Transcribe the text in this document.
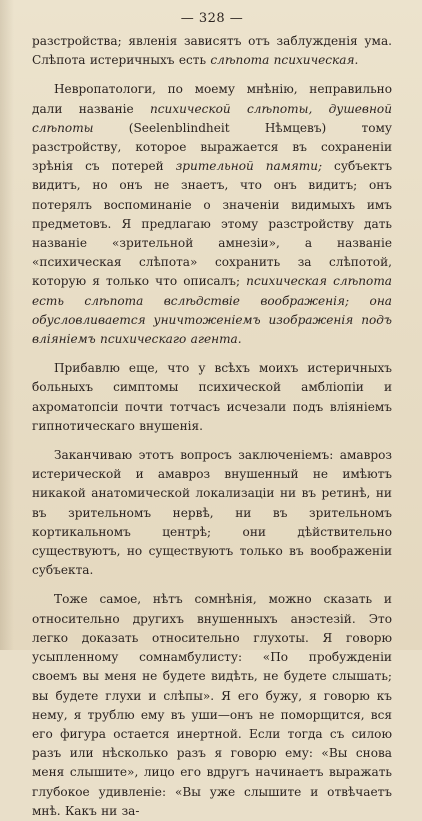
— 328 —

разстройства; явленія зависятъ отъ заблужденія ума. Слѣпота истеричныхъ есть слѣпота психическая.

Невропатологи, по моему мнѣнію, неправильно дали названіе психической слѣпоты, душевной слѣпоты (Seelenblindheit Нѣмцевъ) тому разстройству, которое выражается въ сохраненіи зрѣнія съ потерей зрительной памяти; субъектъ видитъ, но онъ не знаетъ, что онъ видитъ; онъ потерялъ воспоминаніе о значеніи видимыхъ имъ предметовъ. Я предлагаю этому разстройству дать названіе «зрительной амнезіи», а названіе «психическая слѣпота» сохранить за слѣпотой, которую я только что описалъ; психическая слѣпота есть слѣпота вслѣдствіе воображенія; она обусловливается уничтоженіемъ изображенія подъ вліяніемъ психическаго агента.

Прибавлю еще, что у всѣхъ моихъ истеричныхъ больныхъ симптомы психической амбліопіи и ахроматопсіи почти тотчасъ исчезали подъ вліяніемъ гипнотическаго внушенія.

Заканчиваю этотъ вопросъ заключеніемъ: амавроз истерической и амавроз внушенный не имѣютъ никакой анатомической локализаціи ни въ ретинѣ, ни въ зрительномъ нервѣ, ни въ зрительномъ кортикальномъ центрѣ; они дѣйствительно существуютъ, но существуютъ только въ воображеніи субъекта.

Тоже самое, нѣтъ сомнѣнія, можно сказать и относительно другихъ внушенныхъ анэстезій. Это легко доказать относительно глухоты. Я говорю усыпленному сомнамбулисту: «По пробужденіи своемъ вы меня не будете видѣть, не будете слышать; вы будете глухи и слѣпы». Я его бужу, я говорю къ нему, я трублю ему въ уши—онъ не поморщится, вся его фигура остается инертной. Если тогда съ силою разъ или нѣсколько разъ я говорю ему: «Вы снова меня слышите», лицо его вдругъ начинаетъ выражать глубокое удивленіе: «Вы уже слышите и отвѣчаетъ мнѣ. Какъ ни за-
